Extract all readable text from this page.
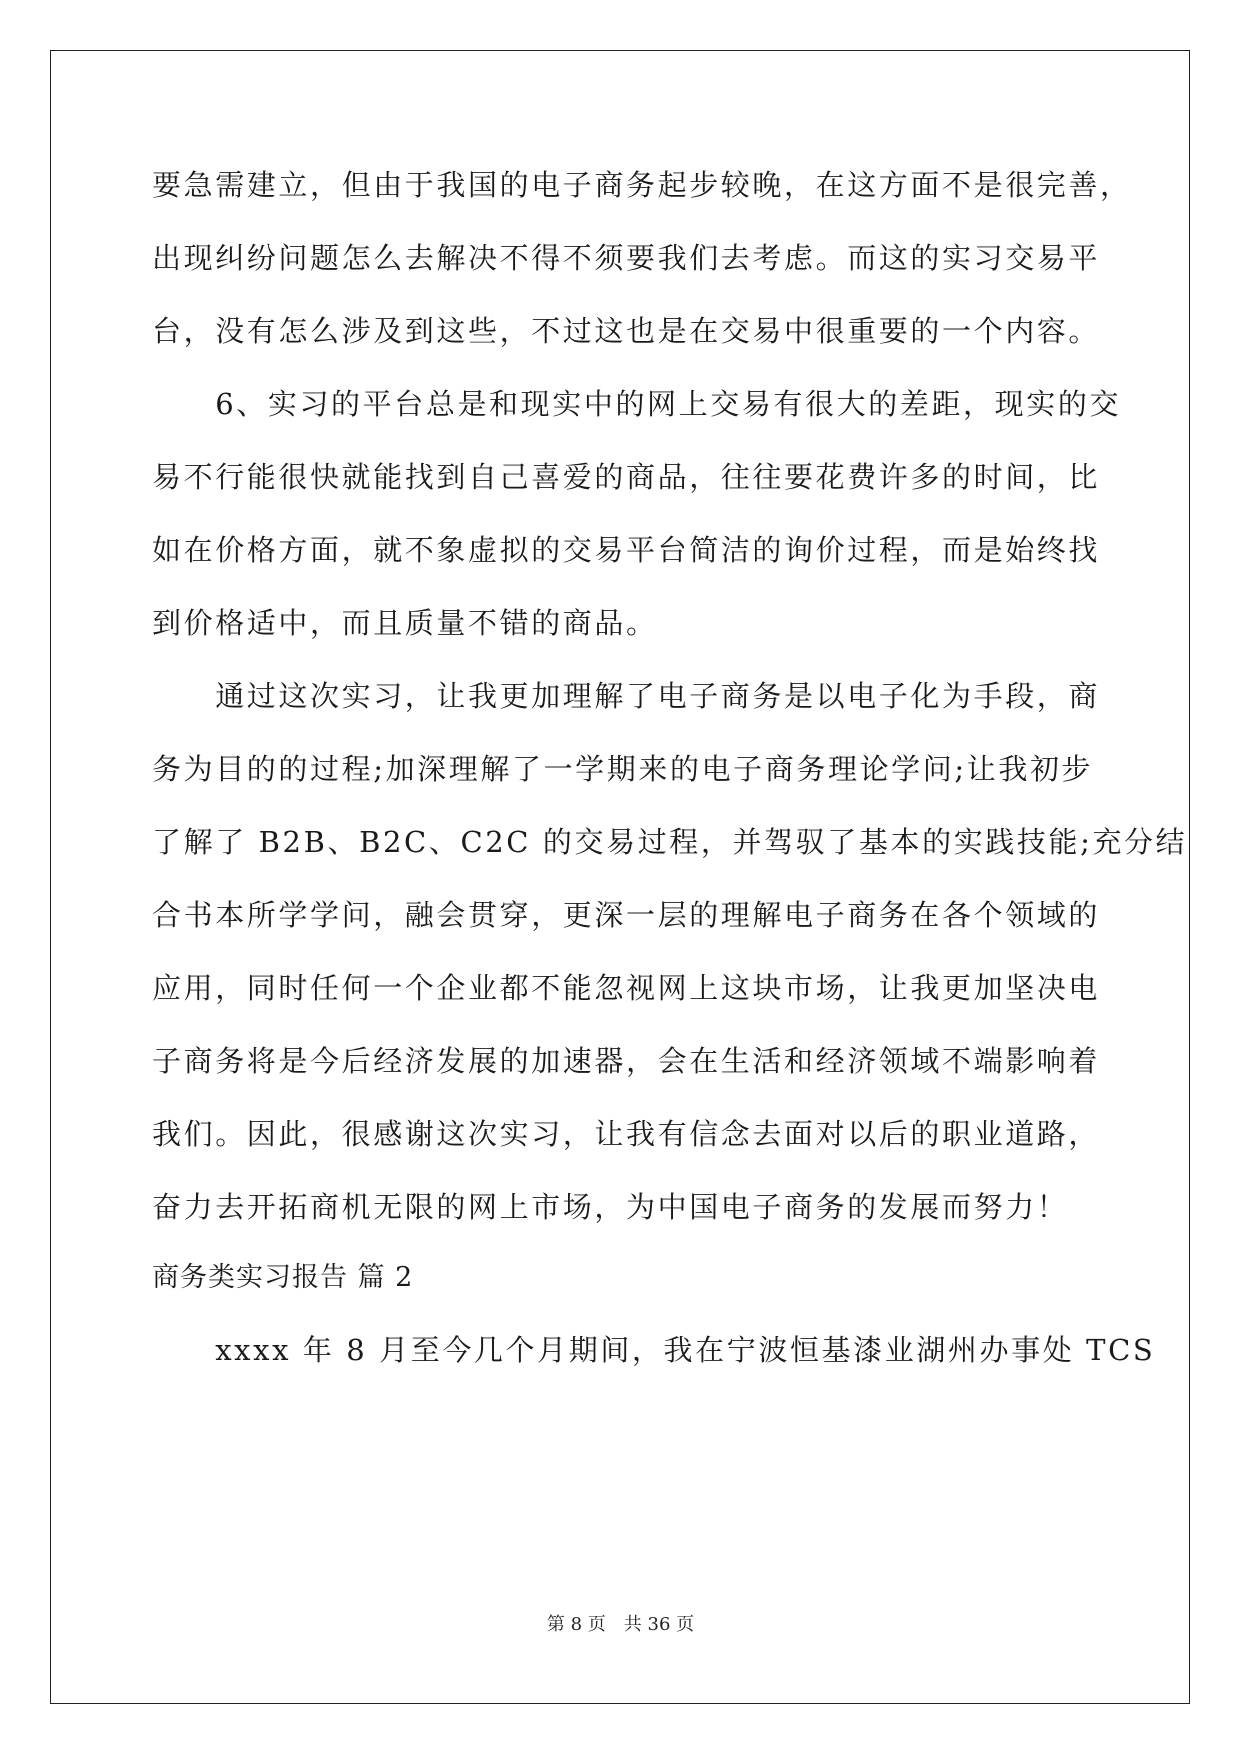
要急需建立，但由于我国的电子商务起步较晚，在这方面不是很完善，
出现纠纷问题怎么去解决不得不须要我们去考虑。而这的实习交易平
台，没有怎么涉及到这些，不过这也是在交易中很重要的一个内容。
　　6、实习的平台总是和现实中的网上交易有很大的差距，现实的交
易不行能很快就能找到自己喜爱的商品，往往要花费许多的时间，比
如在价格方面，就不象虚拟的交易平台简洁的询价过程，而是始终找
到价格适中，而且质量不错的商品。
　　通过这次实习，让我更加理解了电子商务是以电子化为手段，商
务为目的的过程;加深理解了一学期来的电子商务理论学问;让我初步
了解了 B2B、B2C、C2C 的交易过程，并驾驭了基本的实践技能;充分结
合书本所学学问，融会贯穿，更深一层的理解电子商务在各个领域的
应用，同时任何一个企业都不能忽视网上这块市场，让我更加坚决电
子商务将是今后经济发展的加速器，会在生活和经济领域不端影响着
我们。因此，很感谢这次实习，让我有信念去面对以后的职业道路，
奋力去开拓商机无限的网上市场，为中国电子商务的发展而努力！
商务类实习报告 篇 2
　　xxxx 年 8 月至今几个月期间，我在宁波恒基漆业湖州办事处 TCS
第 8 页　共 36 页
